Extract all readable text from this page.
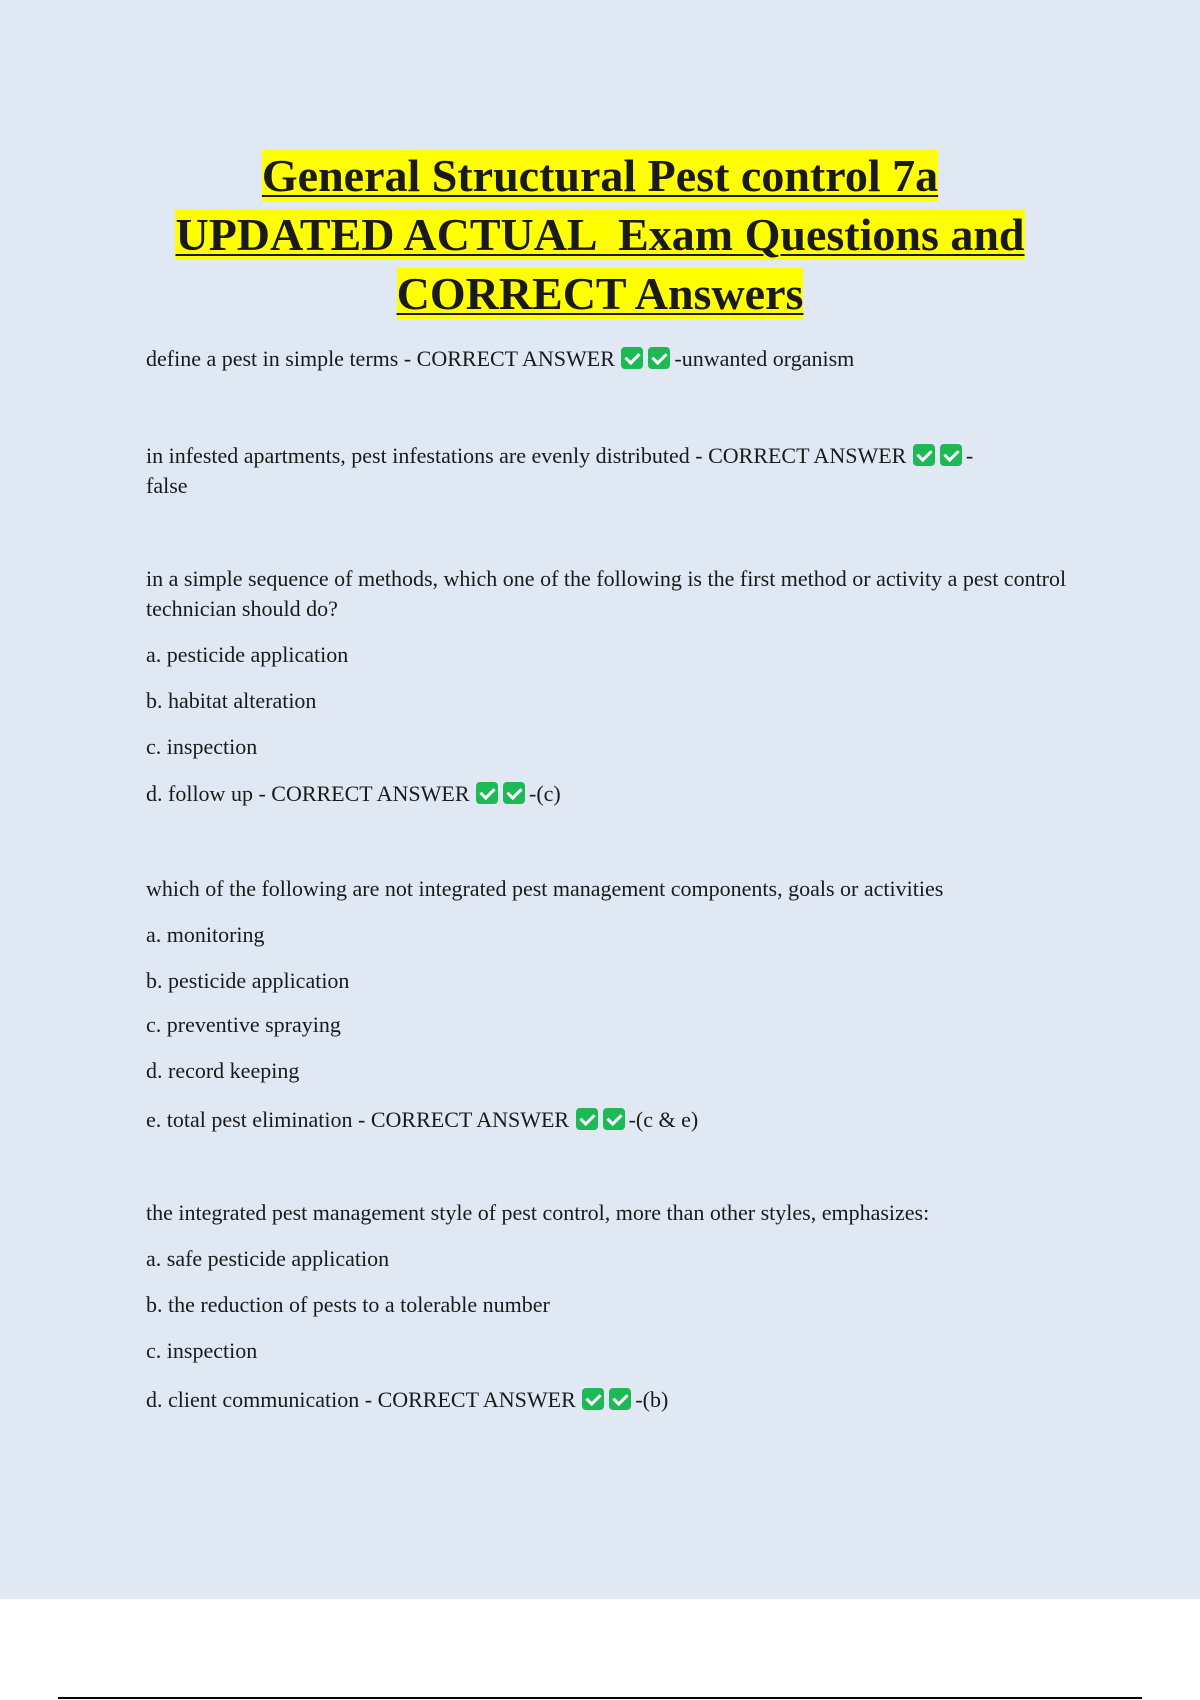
General Structural Pest control 7a
UPDATED ACTUAL  Exam Questions and
CORRECT Answers

define a pest in simple terms - CORRECT ANSWER	-unwanted organism

in infested apartments, pest infestations are evenly distributed - CORRECT ANSWER	-
false

in a simple sequence of methods, which one of the following is the first method or activity a pest control technician should do?

a. pesticide application

b. habitat alteration

c. inspection

d. follow up - CORRECT ANSWER	-(c)

which of the following are not integrated pest management components, goals or activities

a. monitoring

b. pesticide application

c. preventive spraying

d. record keeping

e. total pest elimination - CORRECT ANSWER	-(c & e)

the integrated pest management style of pest control, more than other styles, emphasizes:

a. safe pesticide application

b. the reduction of pests to a tolerable number

c. inspection

d. client communication - CORRECT ANSWER	-(b)
